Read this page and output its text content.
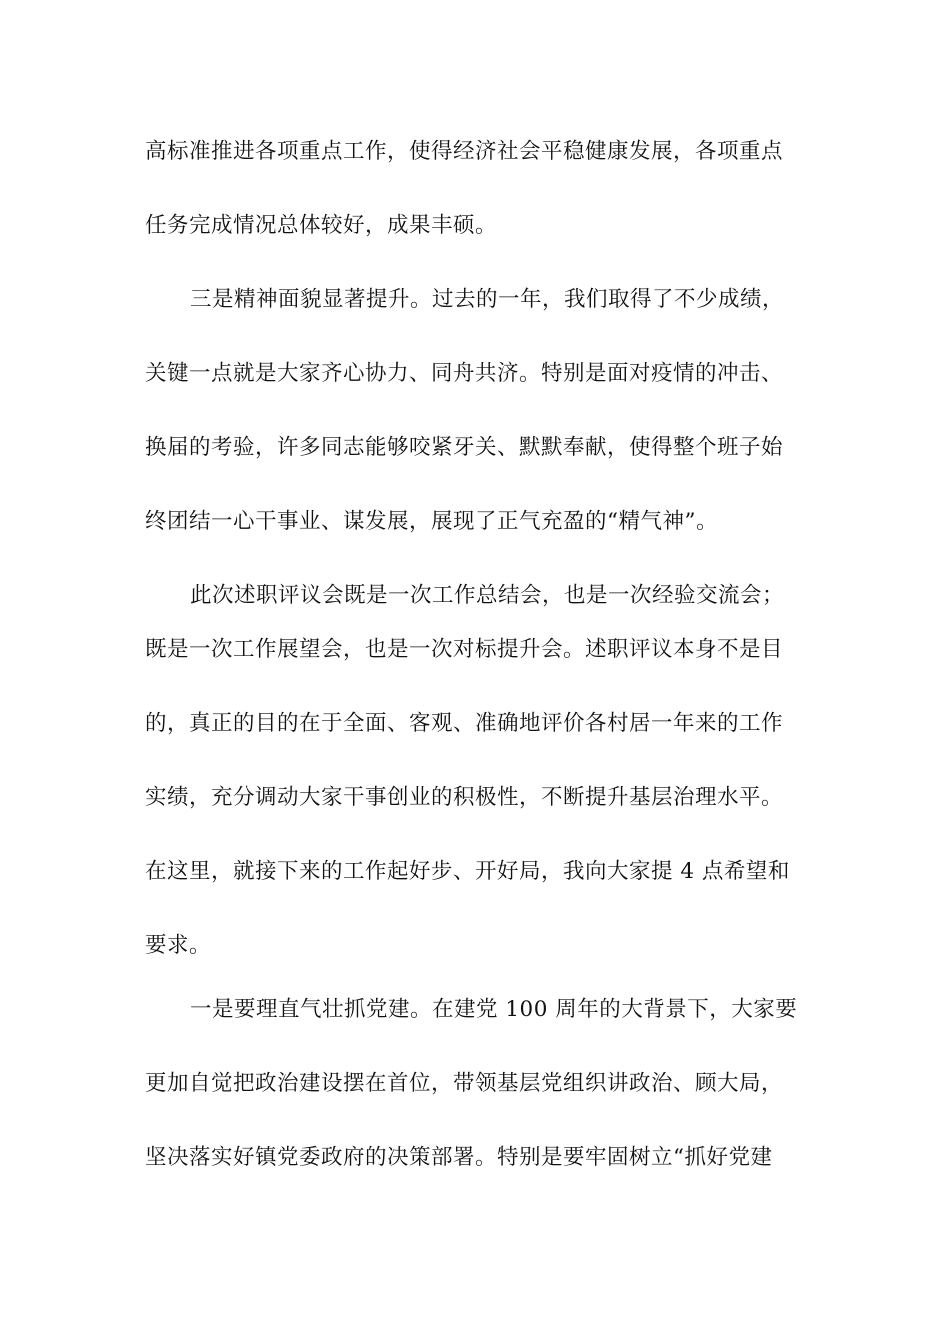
高标准推进各项重点工作，使得经济社会平稳健康发展，各项重点
任务完成情况总体较好，成果丰硕。
三是精神面貌显著提升。过去的一年，我们取得了不少成绩，
关键一点就是大家齐心协力、同舟共济。特别是面对疫情的冲击、
换届的考验，许多同志能够咬紧牙关、默默奉献，使得整个班子始
终团结一心干事业、谋发展，展现了正气充盈的“精气神”。
此次述职评议会既是一次工作总结会，也是一次经验交流会；
既是一次工作展望会，也是一次对标提升会。述职评议本身不是目
的，真正的目的在于全面、客观、准确地评价各村居一年来的工作
实绩，充分调动大家干事创业的积极性，不断提升基层治理水平。
在这里，就接下来的工作起好步、开好局，我向大家提 4 点希望和
要求。
一是要理直气壮抓党建。在建党 100 周年的大背景下，大家要
更加自觉把政治建设摆在首位，带领基层党组织讲政治、顾大局，
坚决落实好镇党委政府的决策部署。特别是要牢固树立“抓好党建
